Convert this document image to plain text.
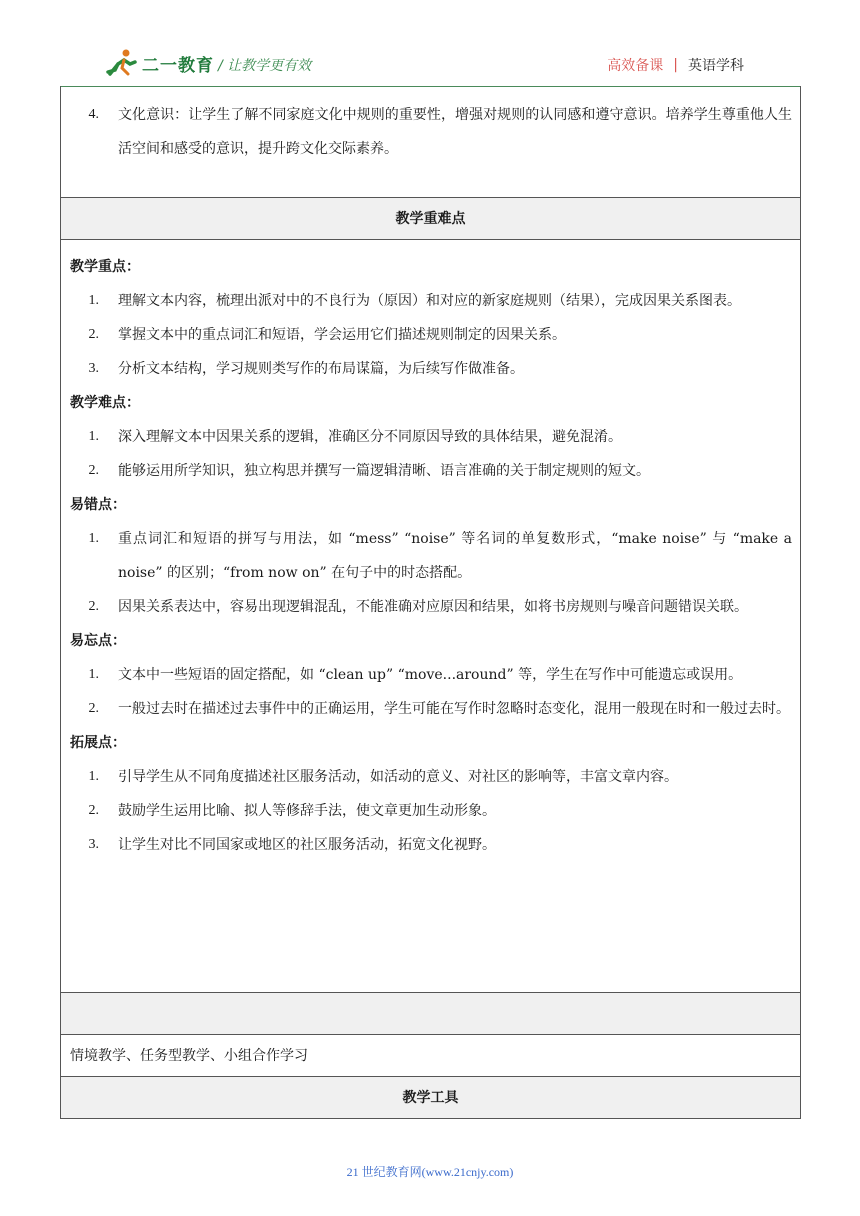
二一教育 / 让教学更有效	高效备课 | 英语学科
4.	文化意识：让学生了解不同家庭文化中规则的重要性，增强对规则的认同感和遵守意识。培养学生尊重他人生活空间和感受的意识，提升跨文化交际素养。
教学重难点
教学重点：
1.	理解文本内容，梳理出派对中的不良行为（原因）和对应的新家庭规则（结果），完成因果关系图表。
2.	掌握文本中的重点词汇和短语，学会运用它们描述规则制定的因果关系。
3.	分析文本结构，学习规则类写作的布局谋篇，为后续写作做准备。
教学难点：
1.	深入理解文本中因果关系的逻辑，准确区分不同原因导致的具体结果，避免混淆。
2.	能够运用所学知识，独立构思并撰写一篇逻辑清晰、语言准确的关于制定规则的短文。
易错点：
1.	重点词汇和短语的拼写与用法，如 “mess” “noise” 等名词的单复数形式，“make noise” 与 “make a noise” 的区别；“from now on” 在句子中的时态搭配。
2.	因果关系表达中，容易出现逻辑混乱，不能准确对应原因和结果，如将书房规则与噪音问题错误关联。
易忘点：
1.	文本中一些短语的固定搭配，如 “clean up” “move...around” 等，学生在写作中可能遗忘或误用。
2.	一般过去时在描述过去事件中的正确运用，学生可能在写作时忽略时态变化，混用一般现在时和一般过去时。
拓展点：
1.	引导学生从不同角度描述社区服务活动，如活动的意义、对社区的影响等，丰富文章内容。
2.	鼓励学生运用比喻、拟人等修辞手法，使文章更加生动形象。
3.	让学生对比不同国家或地区的社区服务活动，拓宽文化视野。
情境教学、任务型教学、小组合作学习
教学工具
21 世纪教育网(www.21cnjy.com)
